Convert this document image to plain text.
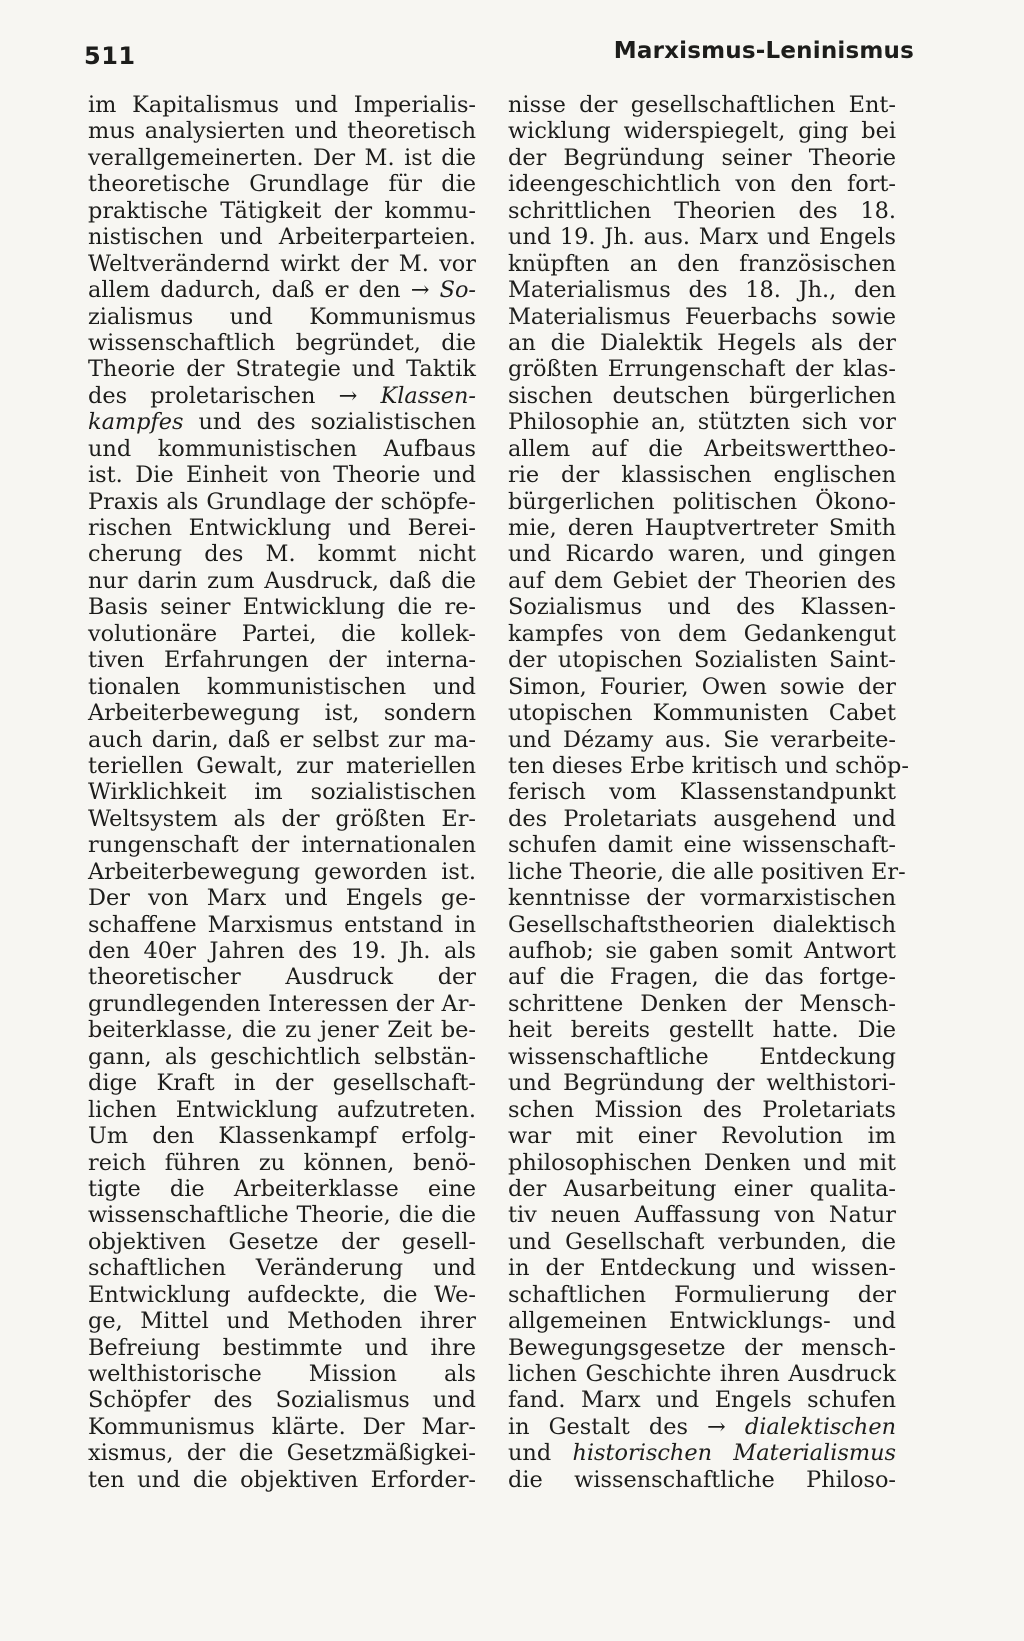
511	Marxismus-Leninismus
im Kapitalismus und Imperialis-
mus analysierten und theoretisch
verallgemeinerten. Der M. ist die
theoretische Grundlage für die
praktische Tätigkeit der kommu-
nistischen und Arbeiterparteien.
Weltverändernd wirkt der M. vor
allem dadurch, daß er den → So-
zialismus und Kommunismus
wissenschaftlich begründet, die
Theorie der Strategie und Taktik
des proletarischen → Klassen-
kampfes und des sozialistischen
und kommunistischen Aufbaus
ist. Die Einheit von Theorie und
Praxis als Grundlage der schöpfe-
rischen Entwicklung und Berei-
cherung des M. kommt nicht
nur darin zum Ausdruck, daß die
Basis seiner Entwicklung die re-
volutionäre Partei, die kollek-
tiven Erfahrungen der interna-
tionalen kommunistischen und
Arbeiterbewegung ist, sondern
auch darin, daß er selbst zur ma-
teriellen Gewalt, zur materiellen
Wirklichkeit im sozialistischen
Weltsystem als der größten Er-
rungenschaft der internationalen
Arbeiterbewegung geworden ist.
Der von Marx und Engels ge-
schaffene Marxismus entstand in
den 40er Jahren des 19. Jh. als
theoretischer Ausdruck der
grundlegenden Interessen der Ar-
beiterklasse, die zu jener Zeit be-
gann, als geschichtlich selbstän-
dige Kraft in der gesellschaft-
lichen Entwicklung aufzutreten.
Um den Klassenkampf erfolg-
reich führen zu können, benö-
tigte die Arbeiterklasse eine
wissenschaftliche Theorie, die die
objektiven Gesetze der gesell-
schaftlichen Veränderung und
Entwicklung aufdeckte, die We-
ge, Mittel und Methoden ihrer
Befreiung bestimmte und ihre
welthistorische Mission als
Schöpfer des Sozialismus und
Kommunismus klärte. Der Mar-
xismus, der die Gesetzmäßigkei-
ten und die objektiven Erforder-
nisse der gesellschaftlichen Ent-
wicklung widerspiegelt, ging bei
der Begründung seiner Theorie
ideengeschichtlich von den fort-
schrittlichen Theorien des 18.
und 19. Jh. aus. Marx und Engels
knüpften an den französischen
Materialismus des 18. Jh., den
Materialismus Feuerbachs sowie
an die Dialektik Hegels als der
größten Errungenschaft der klas-
sischen deutschen bürgerlichen
Philosophie an, stützten sich vor
allem auf die Arbeitswerttheo-
rie der klassischen englischen
bürgerlichen politischen Ökono-
mie, deren Hauptvertreter Smith
und Ricardo waren, und gingen
auf dem Gebiet der Theorien des
Sozialismus und des Klassen-
kampfes von dem Gedankengut
der utopischen Sozialisten Saint-
Simon, Fourier, Owen sowie der
utopischen Kommunisten Cabet
und Dézamy aus. Sie verarbeite-
ten dieses Erbe kritisch und schöp-
ferisch vom Klassenstandpunkt
des Proletariats ausgehend und
schufen damit eine wissenschaft-
liche Theorie, die alle positiven Er-
kenntnisse der vormarxistischen
Gesellschaftstheorien dialektisch
aufhob; sie gaben somit Antwort
auf die Fragen, die das fortge-
schrittene Denken der Mensch-
heit bereits gestellt hatte. Die
wissenschaftliche Entdeckung
und Begründung der welthistori-
schen Mission des Proletariats
war mit einer Revolution im
philosophischen Denken und mit
der Ausarbeitung einer qualita-
tiv neuen Auffassung von Natur
und Gesellschaft verbunden, die
in der Entdeckung und wissen-
schaftlichen Formulierung der
allgemeinen Entwicklungs- und
Bewegungsgesetze der mensch-
lichen Geschichte ihren Ausdruck
fand. Marx und Engels schufen
in Gestalt des → dialektischen
und historischen Materialismus
die wissenschaftliche Philoso-
